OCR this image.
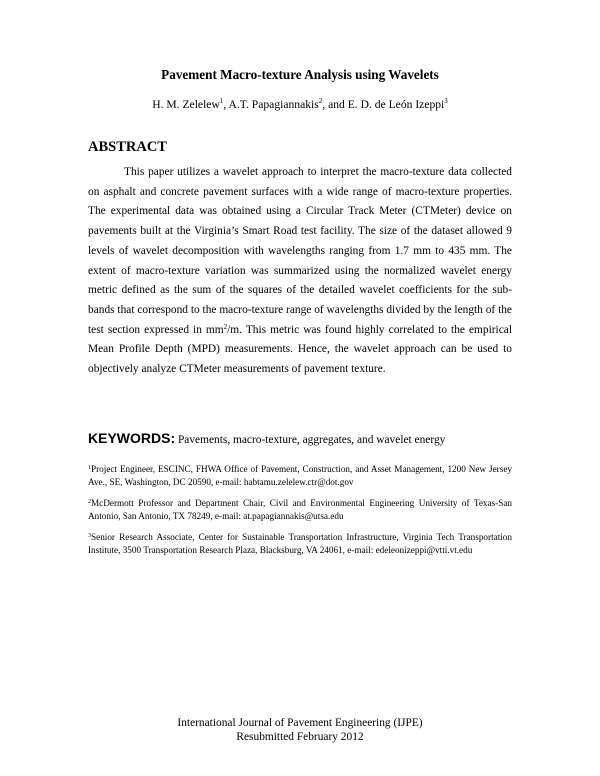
Pavement Macro-texture Analysis using Wavelets
H. M. Zelelew$^1$, A.T. Papagiannakis$^2$, and E. D. de León Izeppi$^3$
ABSTRACT
This paper utilizes a wavelet approach to interpret the macro-texture data collected on asphalt and concrete pavement surfaces with a wide range of macro-texture properties. The experimental data was obtained using a Circular Track Meter (CTMeter) device on pavements built at the Virginia’s Smart Road test facility. The size of the dataset allowed 9 levels of wavelet decomposition with wavelengths ranging from 1.7 mm to 435 mm. The extent of macro-texture variation was summarized using the normalized wavelet energy metric defined as the sum of the squares of the detailed wavelet coefficients for the sub-bands that correspond to the macro-texture range of wavelengths divided by the length of the test section expressed in $mm^2/m$. This metric was found highly correlated to the empirical Mean Profile Depth (MPD) measurements. Hence, the wavelet approach can be used to objectively analyze CTMeter measurements of pavement texture.
KEYWORDS: Pavements, macro-texture, aggregates, and wavelet energy
$^1$Project Engineer, ESCINC, FHWA Office of Pavement, Construction, and Asset Management, 1200 New Jersey Ave., SE, Washington, DC 20590, e-mail: habtamu.zelelew.ctr@dot.gov
$^2$McDermott Professor and Department Chair, Civil and Environmental Engineering University of Texas-San Antonio, San Antonio, TX 78249, e-mail: at.papagiannakis@utsa.edu
$^3$Senior Research Associate, Center for Sustainable Transportation Infrastructure, Virginia Tech Transportation Institute, 3500 Transportation Research Plaza, Blacksburg, VA 24061, e-mail: edeleonizeppi@vtti.vt.edu
International Journal of Pavement Engineering (IJPE)
Resubmitted February 2012
